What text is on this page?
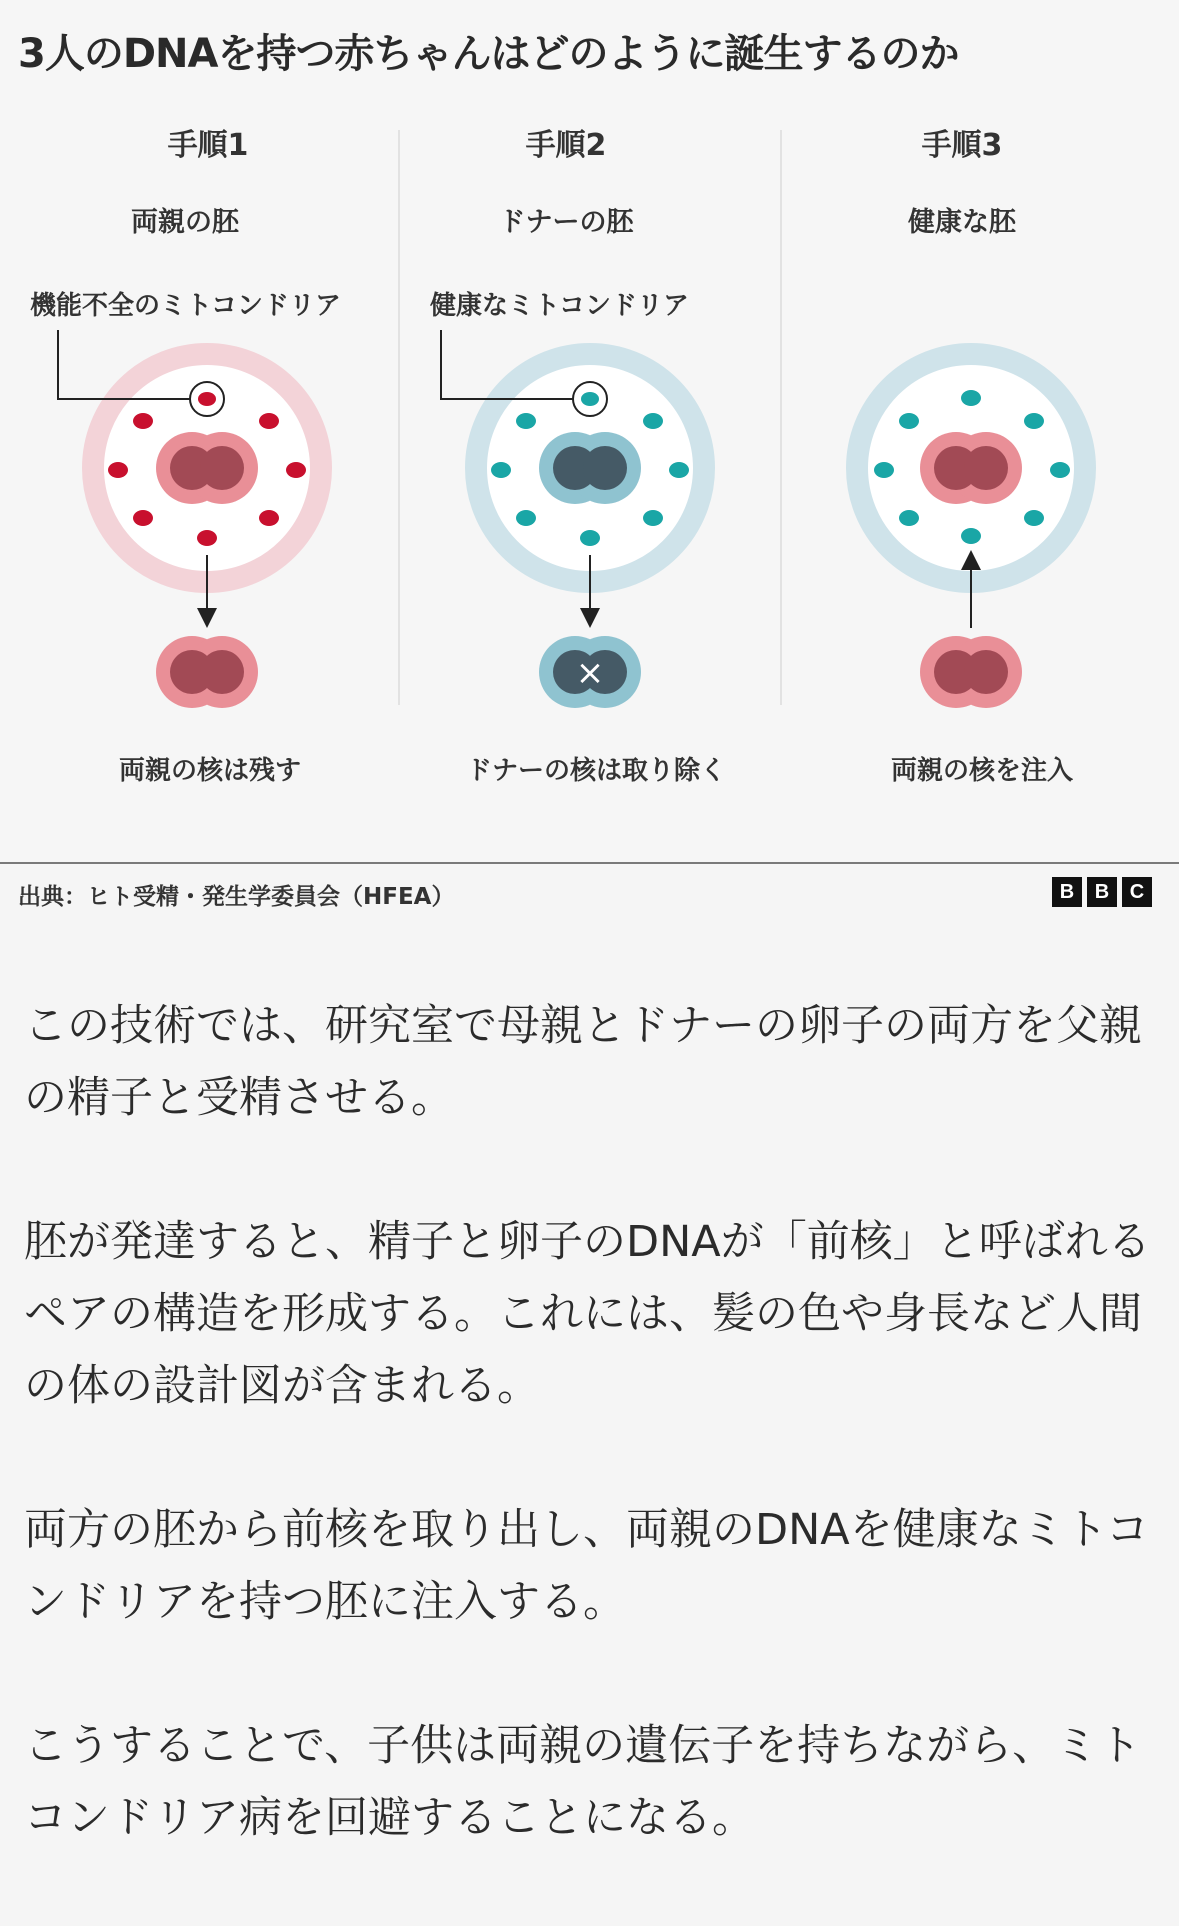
3人のDNAを持つ赤ちゃんはどのように誕生するのか
手順1	手順2	手順3
両親の胚	ドナーの胚	健康な胚
機能不全のミトコンドリア	健康なミトコンドリア
×
両親の核は残す	ドナーの核は取り除く	両親の核を注入
出典：ヒト受精・発生学委員会（HFEA）	B	B	C

この技術では、研究室で母親とドナーの卵子の両方を父親の精子と受精させる。

胚が発達すると、精子と卵子のDNAが「前核」と呼ばれるペアの構造を形成する。これには、髪の色や身長など人間の体の設計図が含まれる。

両方の胚から前核を取り出し、両親のDNAを健康なミトコンドリアを持つ胚に注入する。

こうすることで、子供は両親の遺伝子を持ちながら、ミトコンドリア病を回避することになる。
